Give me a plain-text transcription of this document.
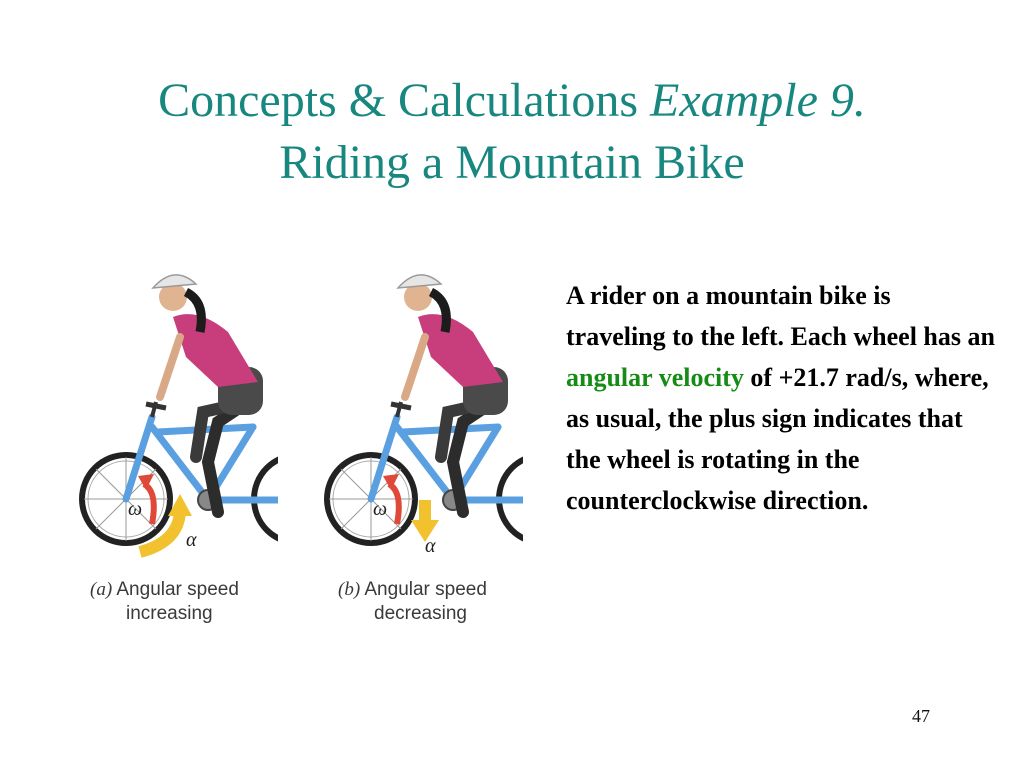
Concepts & Calculations Example 9.
Riding a Mountain Bike
ω
α
(a) Angular speed
increasing
ω
α
(b) Angular speed
decreasing
A rider on a mountain bike is traveling to the left. Each wheel has an angular velocity of +21.7 rad/s, where, as usual, the plus sign indicates that the wheel is rotating in the counterclockwise direction.
47
